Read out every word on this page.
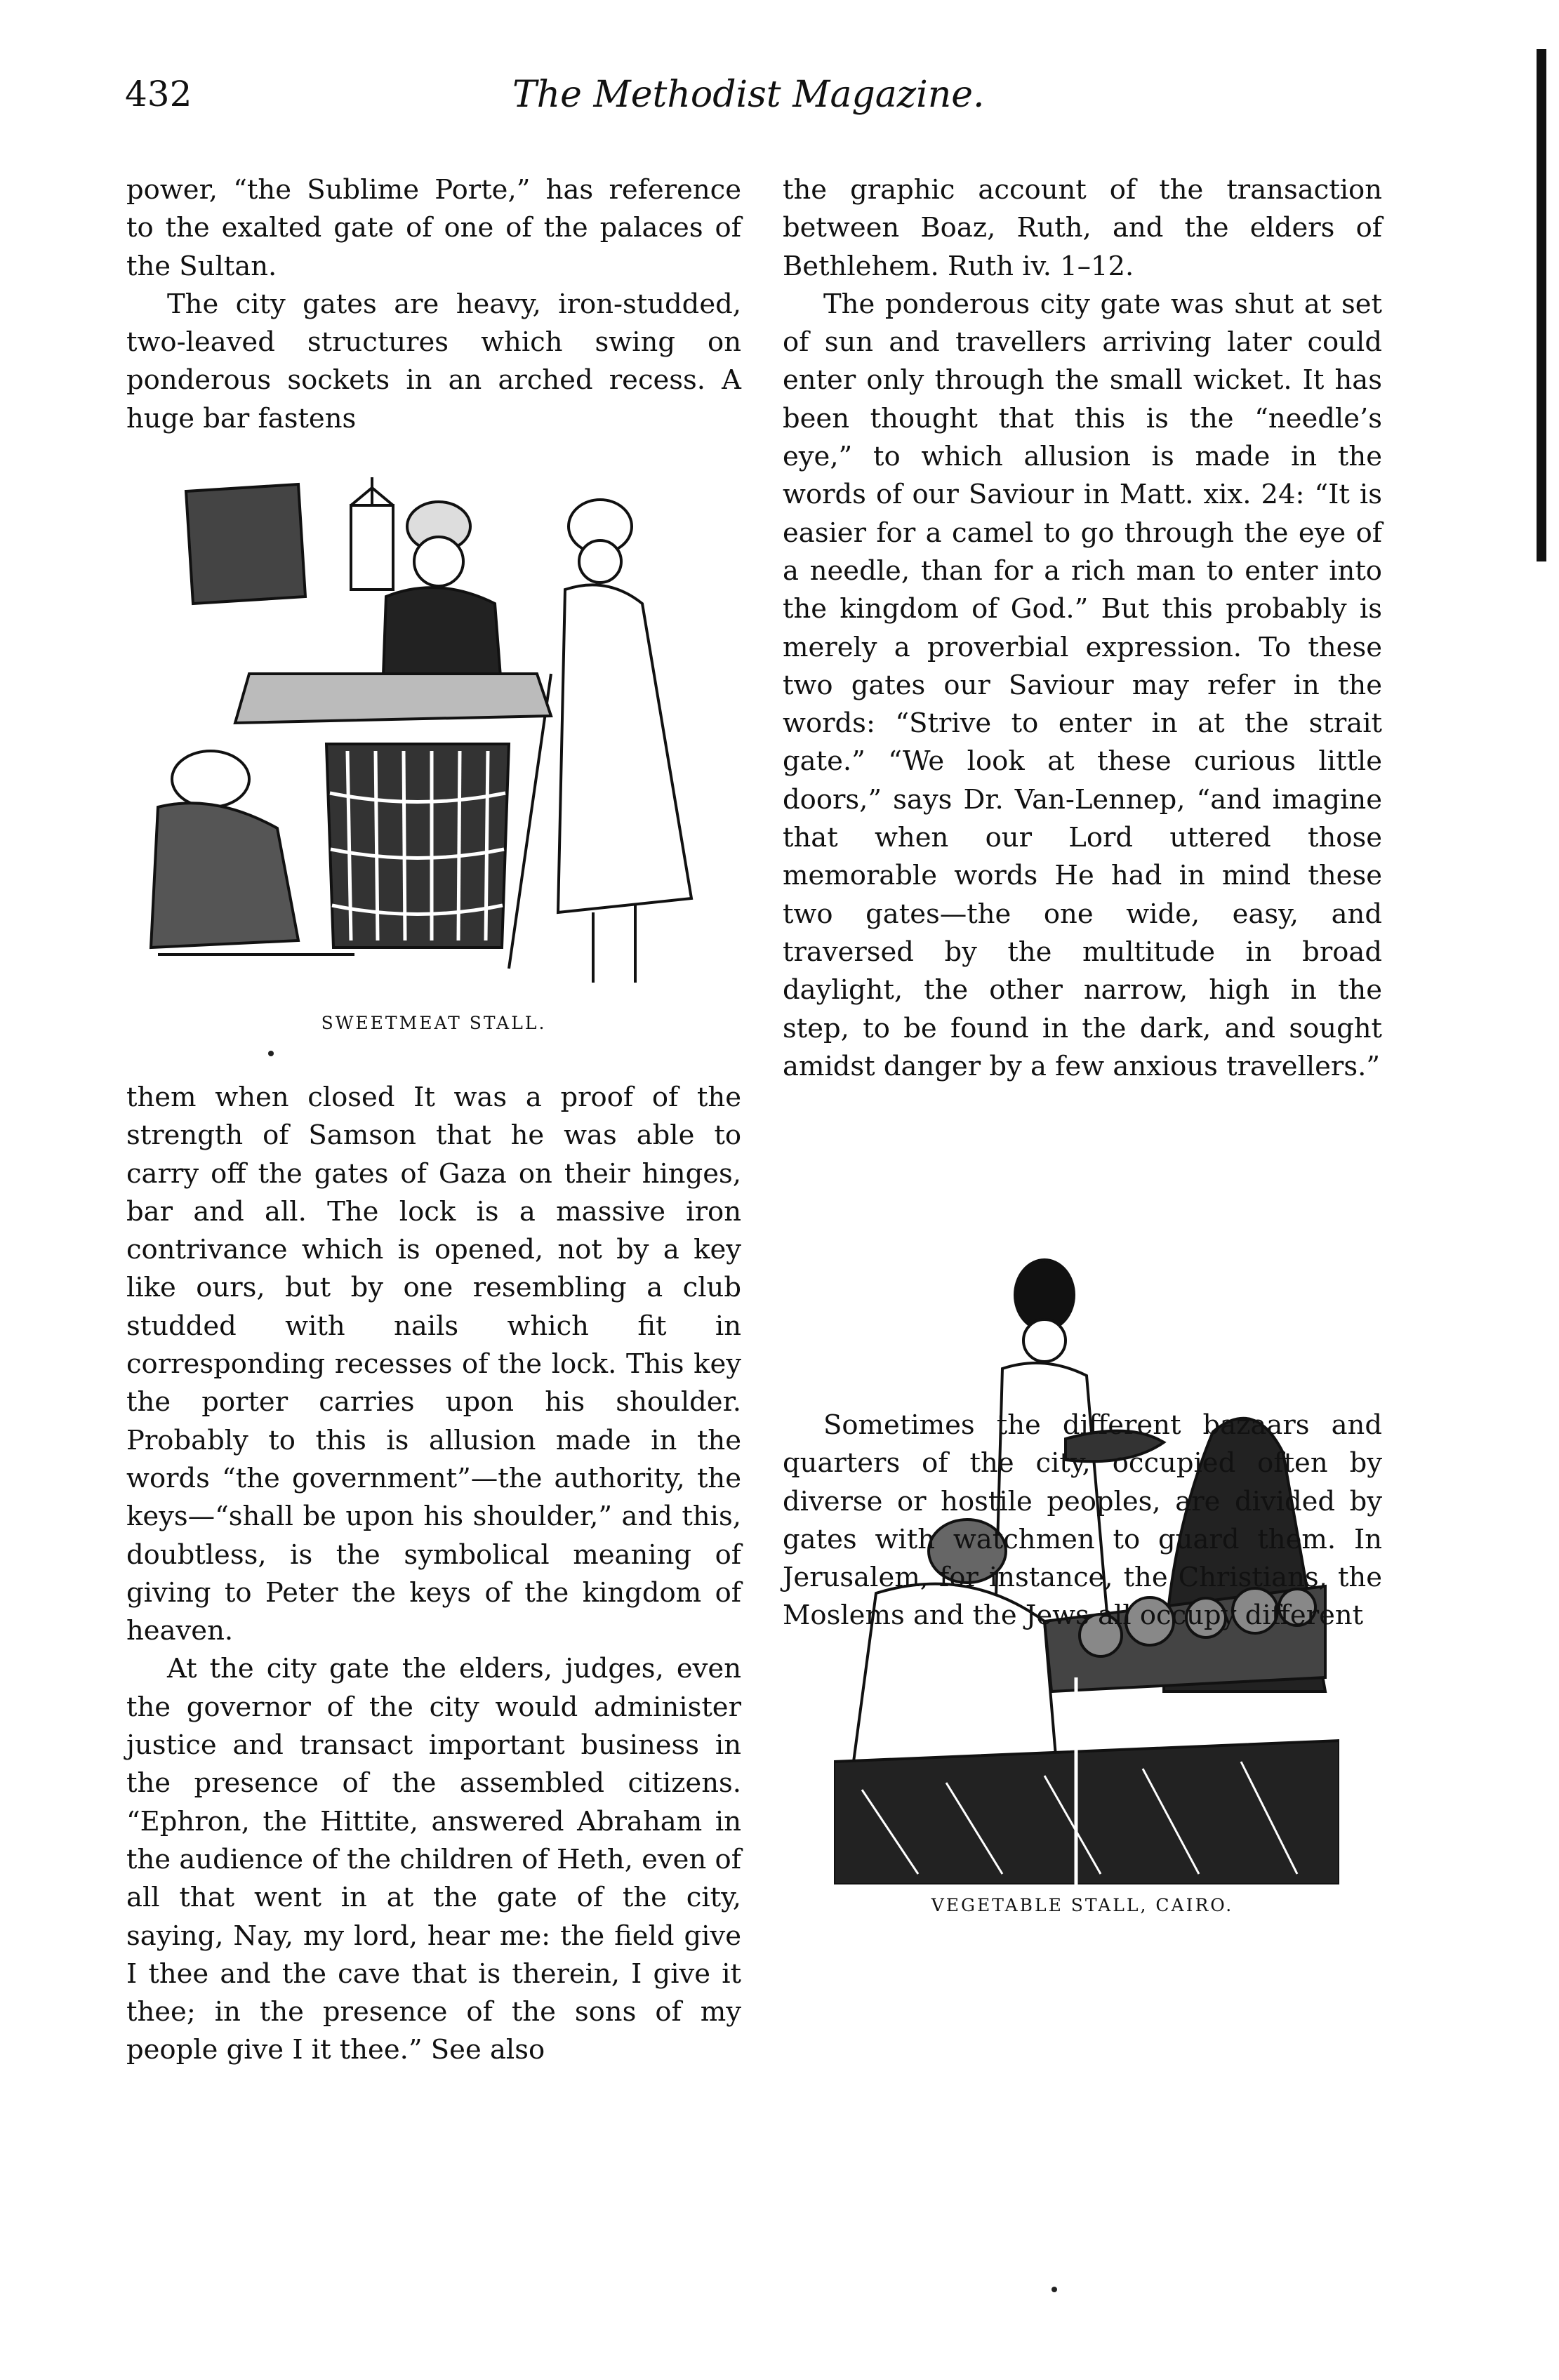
432	The Methodist Magazine.

power, “the Sublime Porte,” has reference to the exalted gate of one of the palaces of the Sultan.

The city gates are heavy, iron-studded, two-leaved structures which swing on ponderous sockets in an arched recess. A huge bar fastens

SWEETMEAT STALL.

them when closed It was a proof of the strength of Samson that he was able to carry off the gates of Gaza on their hinges, bar and all. The lock is a massive iron contrivance which is opened, not by a key like ours, but by one resembling a club studded with nails which fit in corresponding recesses of the lock. This key the porter carries upon his shoulder. Probably to this is allusion made in the words “the government”—the authority, the keys—“shall be upon his shoulder,” and this, doubtless, is the symbolical meaning of giving to Peter the keys of the kingdom of heaven.

At the city gate the elders, judges, even the governor of the city would administer justice and transact important business in the presence of the assembled citizens. “Ephron, the Hittite, answered Abraham in the audience of the children of Heth, even of all that went in at the gate of the city, saying, Nay, my lord, hear me: the field give I thee and the cave that is therein, I give it thee; in the presence of the sons of my people give I it thee.” See also

the graphic account of the transaction between Boaz, Ruth, and the elders of Bethlehem. Ruth iv. 1–12.

The ponderous city gate was shut at set of sun and travellers arriving later could enter only through the small wicket. It has been thought that this is the “needle’s eye,” to which allusion is made in the words of our Saviour in Matt. xix. 24: “It is easier for a camel to go through the eye of a needle, than for a rich man to enter into the kingdom of God.” But this probably is merely a proverbial expression. To these two gates our Saviour may refer in the words: “Strive to enter in at the strait gate.” “We look at these curious little doors,” says Dr. Van-Lennep, “and imagine that when our Lord uttered those memorable words He had in mind these two gates—the one wide, easy, and traversed by the multitude in broad daylight, the other narrow, high in the step, to be found in the dark, and sought amidst danger by a few anxious travellers.”

VEGETABLE STALL, CAIRO.

Sometimes the different bazaars and quarters of the city, occupied often by diverse or hostile peoples, are divided by gates with watchmen to guard them. In Jerusalem, for instance, the Christians, the Moslems and the Jews all occupy different
